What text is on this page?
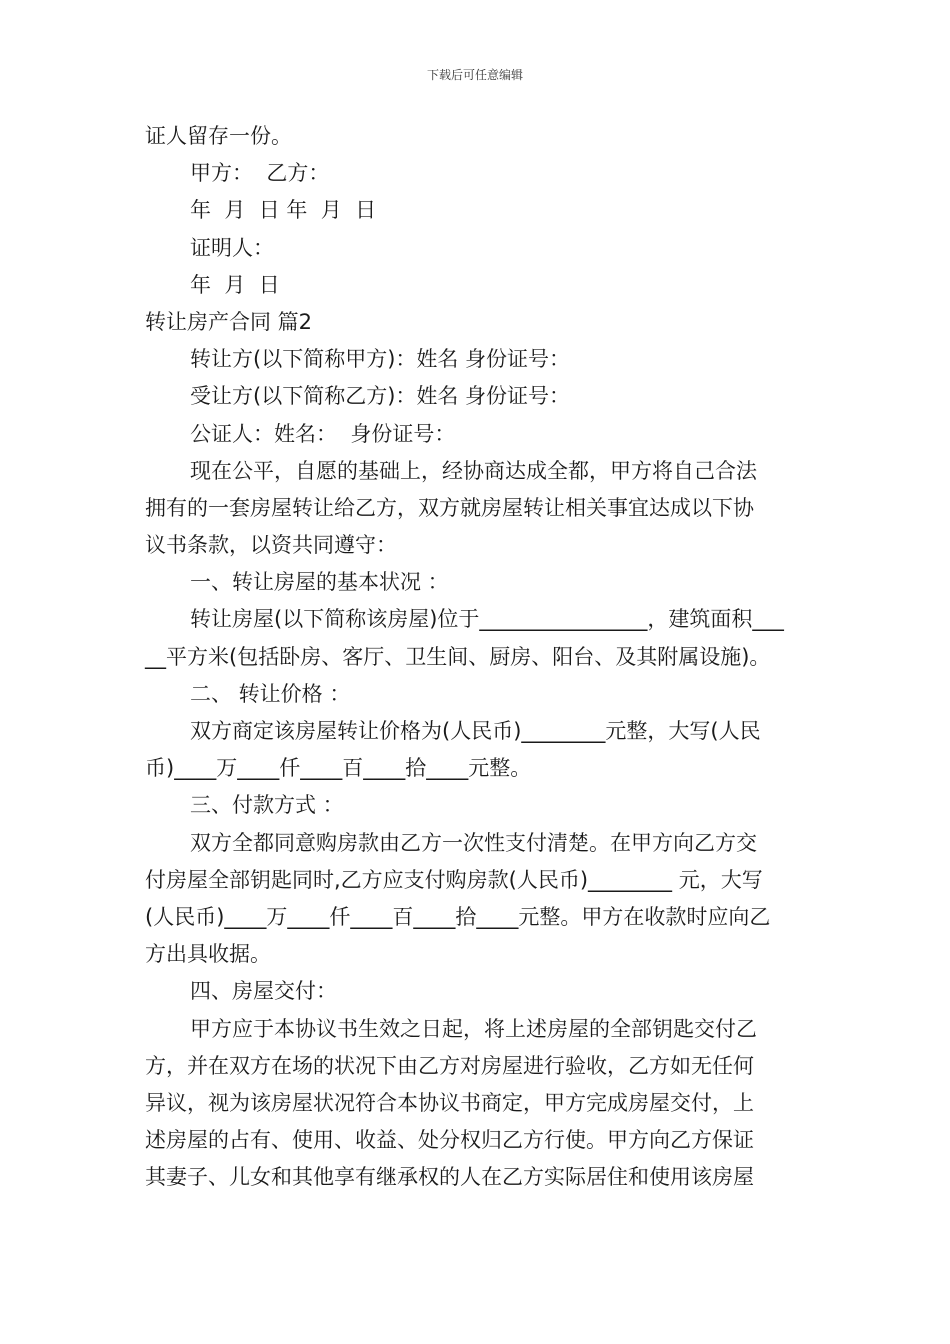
下载后可任意编辑
证人留存一份。
甲方：  乙方：
年  月  日 年  月  日
证明人：
年  月  日
转让房产合同 篇2
转让方(以下简称甲方)：姓名 身份证号：
受让方(以下简称乙方)：姓名 身份证号：
公证人：姓名：  身份证号：
现在公平，自愿的基础上，经协商达成全都，甲方将自己合法
拥有的一套房屋转让给乙方，双方就房屋转让相关事宜达成以下协
议书条款，以资共同遵守：
一、转让房屋的基本状况 ：
转让房屋(以下简称该房屋)位于________________，建筑面积___
__平方米(包括卧房、客厅、卫生间、厨房、阳台、及其附属设施)。
二、 转让价格 ：
双方商定该房屋转让价格为(人民币)________元整，大写(人民
币)____万____仟____百____拾____元整。
三、付款方式 ：
双方全都同意购房款由乙方一次性支付清楚。在甲方向乙方交
付房屋全部钥匙同时,乙方应支付购房款(人民币)________ 元，大写
(人民币)____万____仟____百____拾____元整。甲方在收款时应向乙
方出具收据。
四、房屋交付：
甲方应于本协议书生效之日起，将上述房屋的全部钥匙交付乙
方，并在双方在场的状况下由乙方对房屋进行验收，乙方如无任何
异议，视为该房屋状况符合本协议书商定，甲方完成房屋交付，上
述房屋的占有、使用、收益、处分权归乙方行使。甲方向乙方保证
其妻子、儿女和其他享有继承权的人在乙方实际居住和使用该房屋
